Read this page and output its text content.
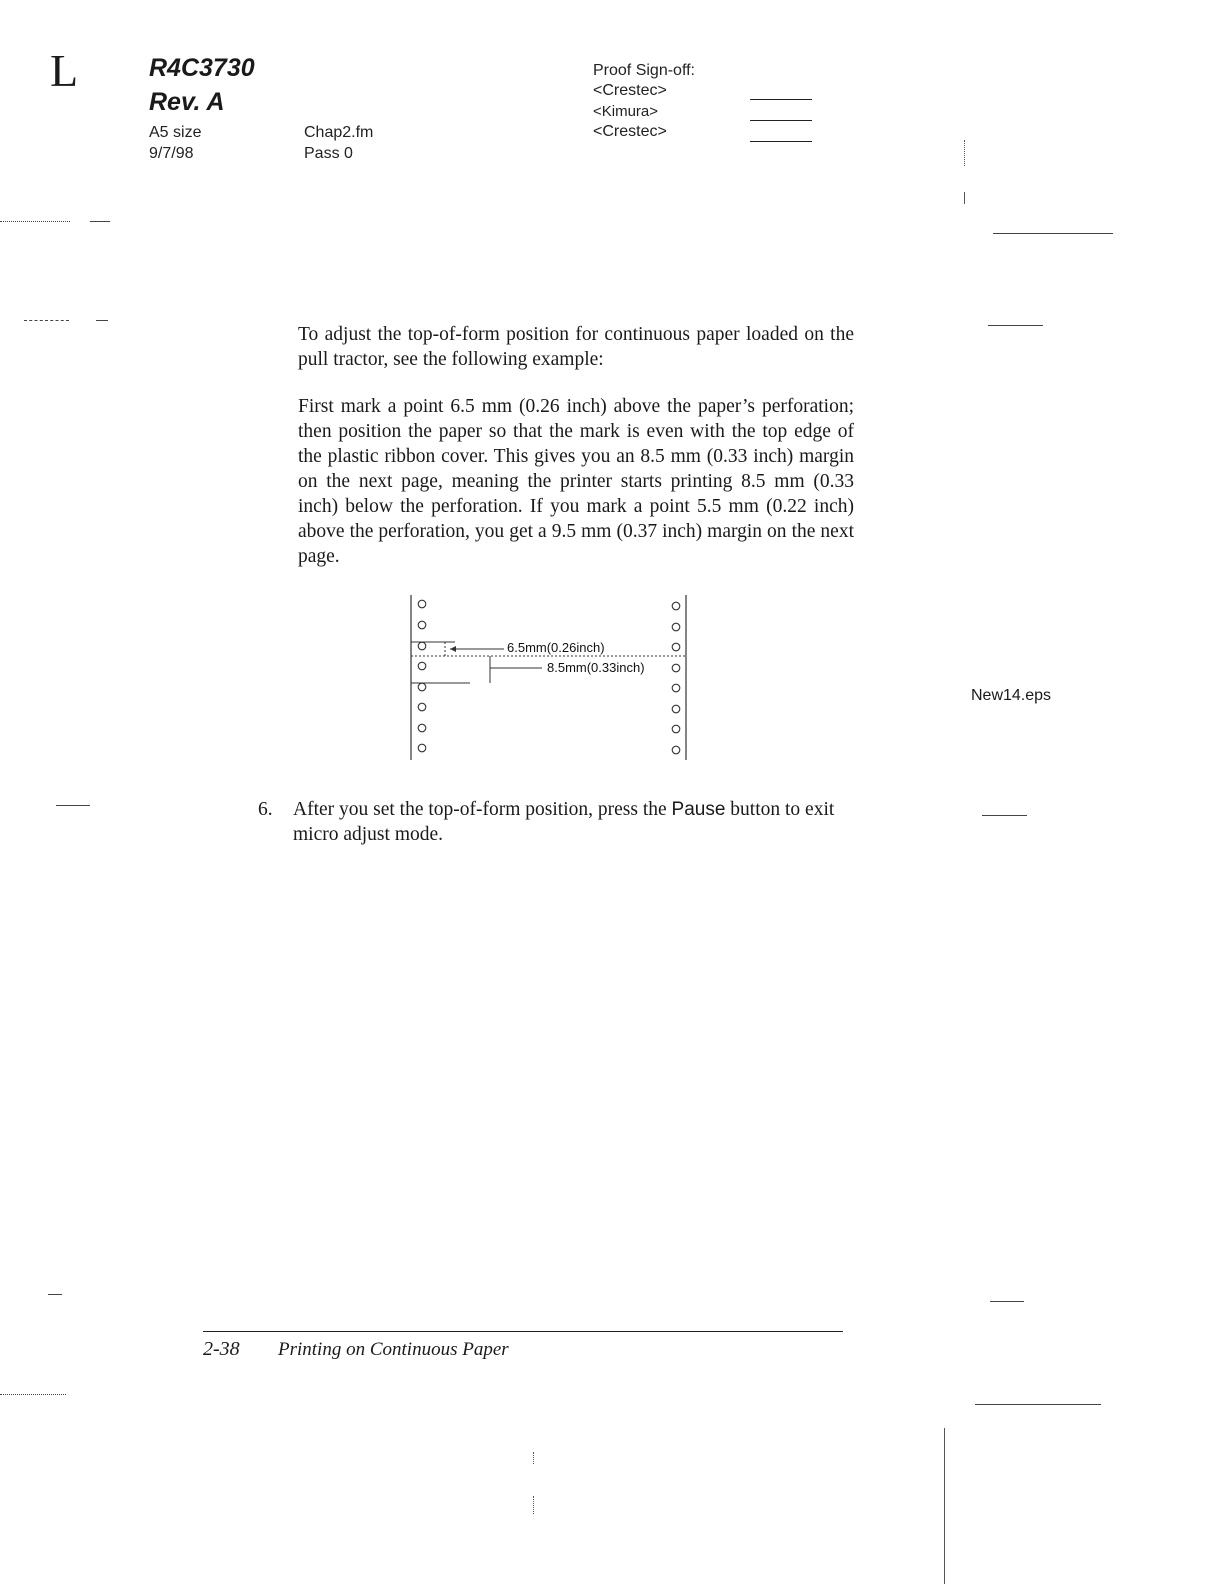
L	R4C3730
Rev. A
A5 size
9/7/98
Chap2.fm
Pass 0
Proof Sign-off:
<Crestec>
<Kimura>
<Crestec>

To adjust the top-of-form position for continuous paper loaded on the pull tractor, see the following example:

First mark a point 6.5 mm (0.26 inch) above the paper’s perforation; then position the paper so that the mark is even with the top edge of the plastic ribbon cover. This gives you an 8.5 mm (0.33 inch) margin on the next page, meaning the printer starts printing 8.5 mm (0.33 inch) below the perforation. If you mark a point 5.5 mm (0.22 inch) above the perforation, you get a 9.5 mm (0.37 inch) margin on the next page.

6.5mm(0.26inch)
8.5mm(0.33inch)
New14.eps
6. After you set the top-of-form position, press the Pause button to exit micro adjust mode.

2-38 Printing on Continuous Paper
